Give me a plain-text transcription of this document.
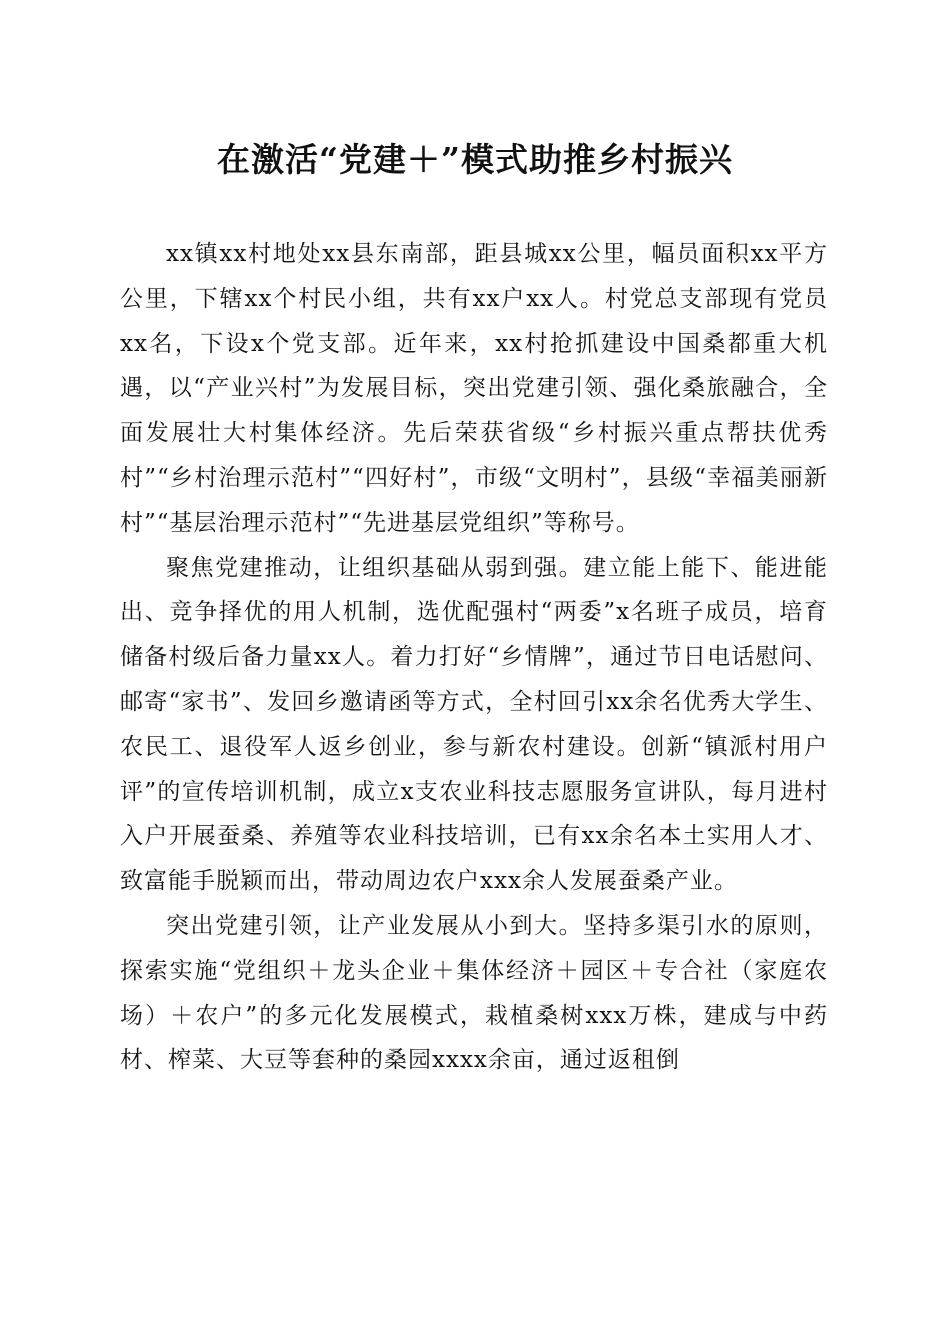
在激活“党建＋”模式助推乡村振兴

xx镇xx村地处xx县东南部，距县城xx公里，幅员面积xx平方公里，下辖xx个村民小组，共有xx户xx人。村党总支部现有党员xx名，下设x个党支部。近年来，xx村抢抓建设中国桑都重大机遇，以“产业兴村”为发展目标，突出党建引领、强化桑旅融合，全面发展壮大村集体经济。先后荣获省级“乡村振兴重点帮扶优秀村”“乡村治理示范村”“四好村”，市级“文明村”，县级“幸福美丽新村”“基层治理示范村”“先进基层党组织”等称号。

聚焦党建推动，让组织基础从弱到强。建立能上能下、能进能出、竞争择优的用人机制，选优配强村“两委”x名班子成员，培育储备村级后备力量xx人。着力打好“乡情牌”，通过节日电话慰问、邮寄“家书”、发回乡邀请函等方式，全村回引xx余名优秀大学生、农民工、退役军人返乡创业，参与新农村建设。创新“镇派村用户评”的宣传培训机制，成立x支农业科技志愿服务宣讲队，每月进村入户开展蚕桑、养殖等农业科技培训，已有xx余名本土实用人才、致富能手脱颖而出，带动周边农户xxx余人发展蚕桑产业。

突出党建引领，让产业发展从小到大。坚持多渠引水的原则，探索实施“党组织＋龙头企业＋集体经济＋园区＋专合社（家庭农场）＋农户”的多元化发展模式，栽植桑树xxx万株，建成与中药材、榨菜、大豆等套种的桑园xxxx余亩，通过返租倒
